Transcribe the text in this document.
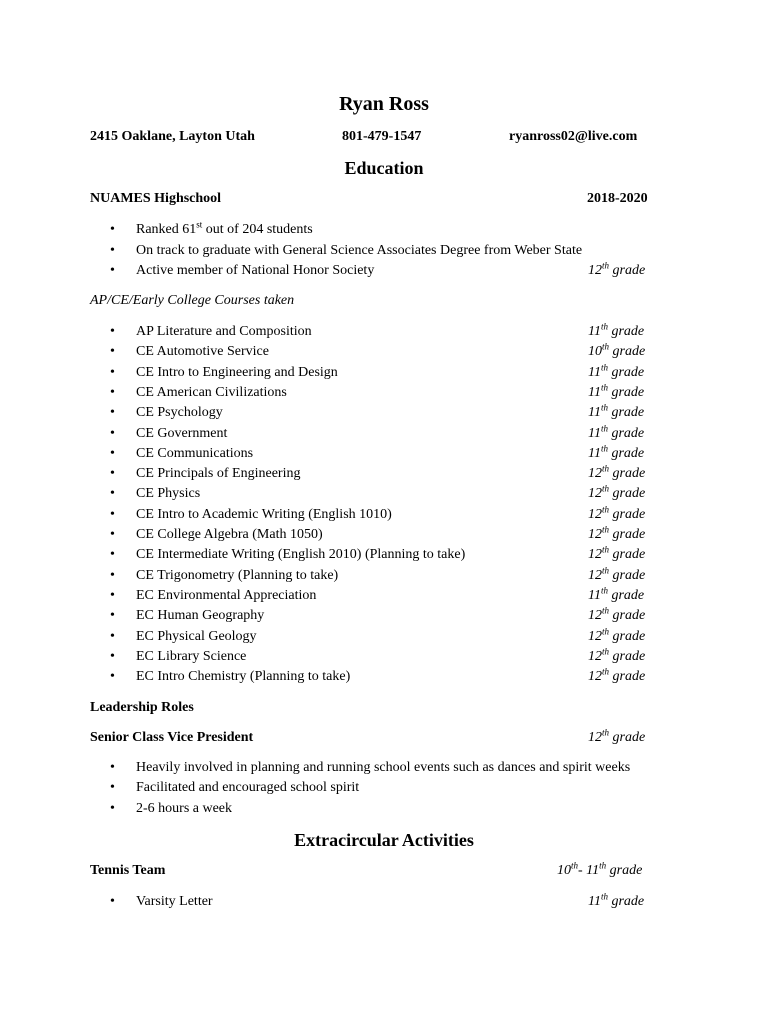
Ryan Ross
2415 Oaklane, Layton Utah	801-479-1547	ryanross02@live.com
Education
NUAMES Highschool	2018-2020
• Ranked 61st out of 204 students
• On track to graduate with General Science Associates Degree from Weber State
• Active member of National Honor Society	12th grade
AP/CE/Early College Courses taken
• AP Literature and Composition	11th grade
• CE Automotive Service	10th grade
• CE Intro to Engineering and Design	11th grade
• CE American Civilizations	11th grade
• CE Psychology	11th grade
• CE Government	11th grade
• CE Communications	11th grade
• CE Principals of Engineering	12th grade
• CE Physics	12th grade
• CE Intro to Academic Writing (English 1010)	12th grade
• CE College Algebra (Math 1050)	12th grade
• CE Intermediate Writing (English 2010) (Planning to take)	12th grade
• CE Trigonometry (Planning to take)	12th grade
• EC Environmental Appreciation	11th grade
• EC Human Geography	12th grade
• EC Physical Geology	12th grade
• EC Library Science	12th grade
• EC Intro Chemistry (Planning to take)	12th grade
Leadership Roles
Senior Class Vice President	12th grade
• Heavily involved in planning and running school events such as dances and spirit weeks
• Facilitated and encouraged school spirit
• 2-6 hours a week
Extracircular Activities
Tennis Team	10th- 11th grade
• Varsity Letter	11th grade
